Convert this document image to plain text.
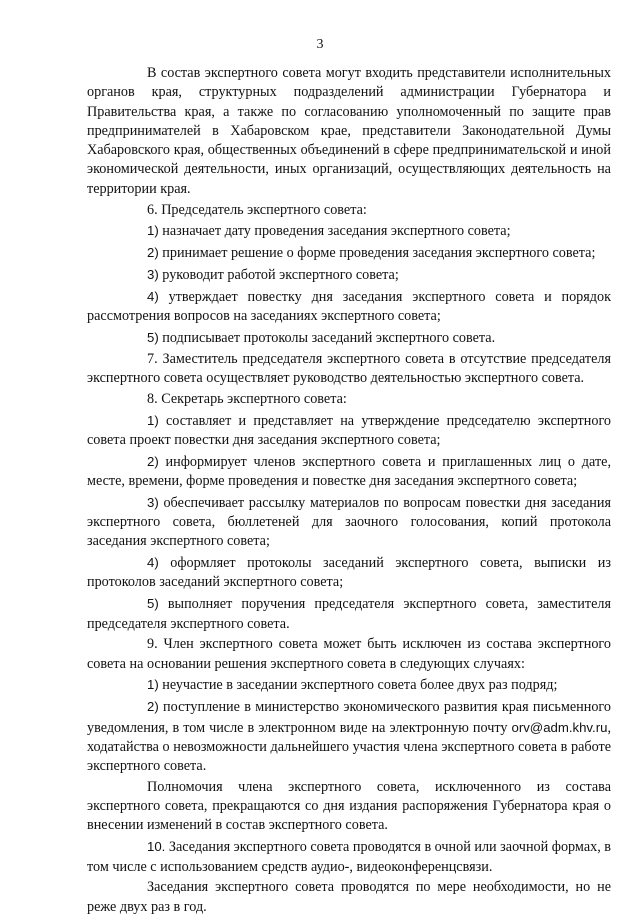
3

В состав экспертного совета могут входить представители исполнительных органов края, структурных подразделений администрации Губернатора и Правительства края, а также по согласованию уполномоченный по защите прав предпринимателей в Хабаровском крае, представители Законодательной Думы Хабаровского края, общественных объединений в сфере предпринимательской и иной экономической деятельности, иных организаций, осуществляющих деятельность на территории края.

6. Председатель экспертного совета:

1) назначает дату проведения заседания экспертного совета;

2) принимает решение о форме проведения заседания экспертного совета;

3) руководит работой экспертного совета;

4) утверждает повестку дня заседания экспертного совета и порядок рассмотрения вопросов на заседаниях экспертного совета;

5) подписывает протоколы заседаний экспертного совета.

7. Заместитель председателя экспертного совета в отсутствие председателя экспертного совета осуществляет руководство деятельностью экспертного совета.

8. Секретарь экспертного совета:

1) составляет и представляет на утверждение председателю экспертного совета проект повестки дня заседания экспертного совета;

2) информирует членов экспертного совета и приглашенных лиц о дате, месте, времени, форме проведения и повестке дня заседания экспертного совета;

3) обеспечивает рассылку материалов по вопросам повестки дня заседания экспертного совета, бюллетеней для заочного голосования, копий протокола заседания экспертного совета;

4) оформляет протоколы заседаний экспертного совета, выписки из протоколов заседаний экспертного совета;

5) выполняет поручения председателя экспертного совета, заместителя председателя экспертного совета.

9. Член экспертного совета может быть исключен из состава экспертного совета на основании решения экспертного совета в следующих случаях:

1) неучастие в заседании экспертного совета более двух раз подряд;

2) поступление в министерство экономического развития края письменного уведомления, в том числе в электронном виде на электронную почту orv@adm.khv.ru, ходатайства о невозможности дальнейшего участия члена экспертного совета в работе экспертного совета.

Полномочия члена экспертного совета, исключенного из состава экспертного совета, прекращаются со дня издания распоряжения Губернатора края о внесении изменений в состав экспертного совета.

10. Заседания экспертного совета проводятся в очной или заочной формах, в том числе с использованием средств аудио-, видеоконференцсвязи.

Заседания экспертного совета проводятся по мере необходимости, но не реже двух раз в год.
